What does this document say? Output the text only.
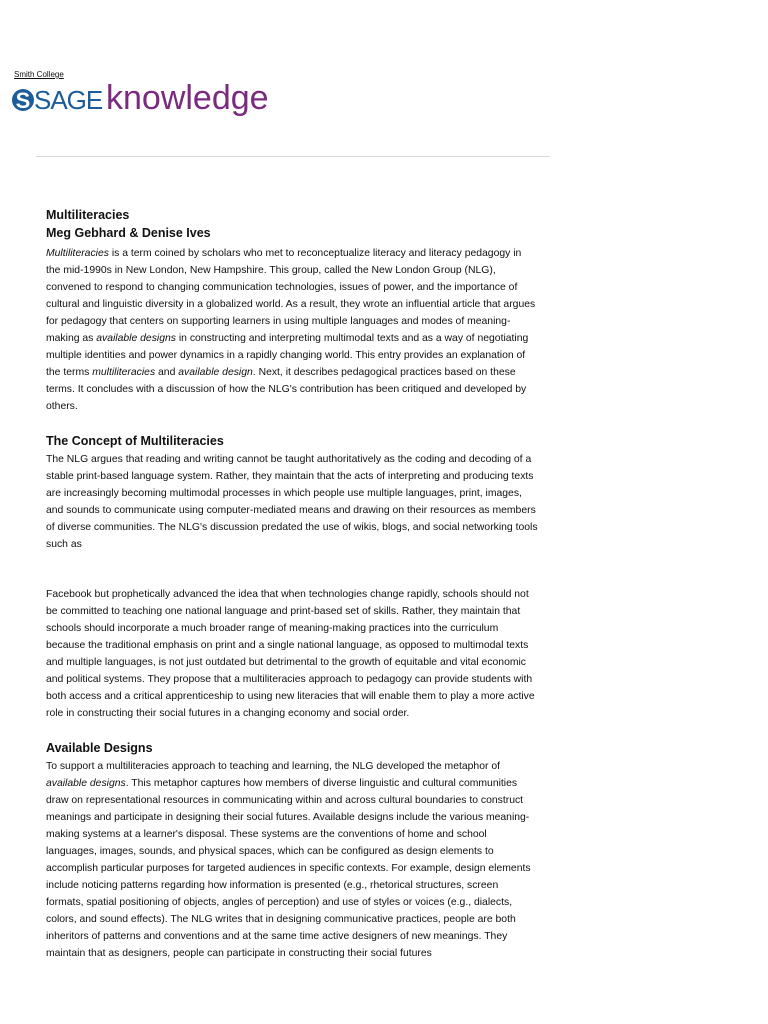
Smith College
S SAGE knowledge
Multiliteracies
Meg Gebhard & Denise Ives

Multiliteracies is a term coined by scholars who met to reconceptualize literacy and literacy pedagogy in the mid-1990s in New London, New Hampshire. This group, called the New London Group (NLG), convened to respond to changing communication technologies, issues of power, and the importance of cultural and linguistic diversity in a globalized world. As a result, they wrote an influential article that argues for pedagogy that centers on supporting learners in using multiple languages and modes of meaning-making as available designs in constructing and interpreting multimodal texts and as a way of negotiating multiple identities and power dynamics in a rapidly changing world. This entry provides an explanation of the terms multiliteracies and available design. Next, it describes pedagogical practices based on these terms. It concludes with a discussion of how the NLG's contribution has been critiqued and developed by others.

The Concept of Multiliteracies

The NLG argues that reading and writing cannot be taught authoritatively as the coding and decoding of a stable print-based language system. Rather, they maintain that the acts of interpreting and producing texts are increasingly becoming multimodal processes in which people use multiple languages, print, images, and sounds to communicate using computer-mediated means and drawing on their resources as members of diverse communities. The NLG's discussion predated the use of wikis, blogs, and social networking tools such as

Facebook but prophetically advanced the idea that when technologies change rapidly, schools should not be committed to teaching one national language and print-based set of skills. Rather, they maintain that schools should incorporate a much broader range of meaning-making practices into the curriculum because the traditional emphasis on print and a single national language, as opposed to multimodal texts and multiple languages, is not just outdated but detrimental to the growth of equitable and vital economic and political systems. They propose that a multiliteracies approach to pedagogy can provide students with both access and a critical apprenticeship to using new literacies that will enable them to play a more active role in constructing their social futures in a changing economy and social order.

Available Designs

To support a multiliteracies approach to teaching and learning, the NLG developed the metaphor of available designs. This metaphor captures how members of diverse linguistic and cultural communities draw on representational resources in communicating within and across cultural boundaries to construct meanings and participate in designing their social futures. Available designs include the various meaning-making systems at a learner's disposal. These systems are the conventions of home and school languages, images, sounds, and physical spaces, which can be configured as design elements to accomplish particular purposes for targeted audiences in specific contexts. For example, design elements include noticing patterns regarding how information is presented (e.g., rhetorical structures, screen formats, spatial positioning of objects, angles of perception) and use of styles or voices (e.g., dialects, colors, and sound effects). The NLG writes that in designing communicative practices, people are both inheritors of patterns and conventions and at the same time active designers of new meanings. They maintain that as designers, people can participate in constructing their social futures
